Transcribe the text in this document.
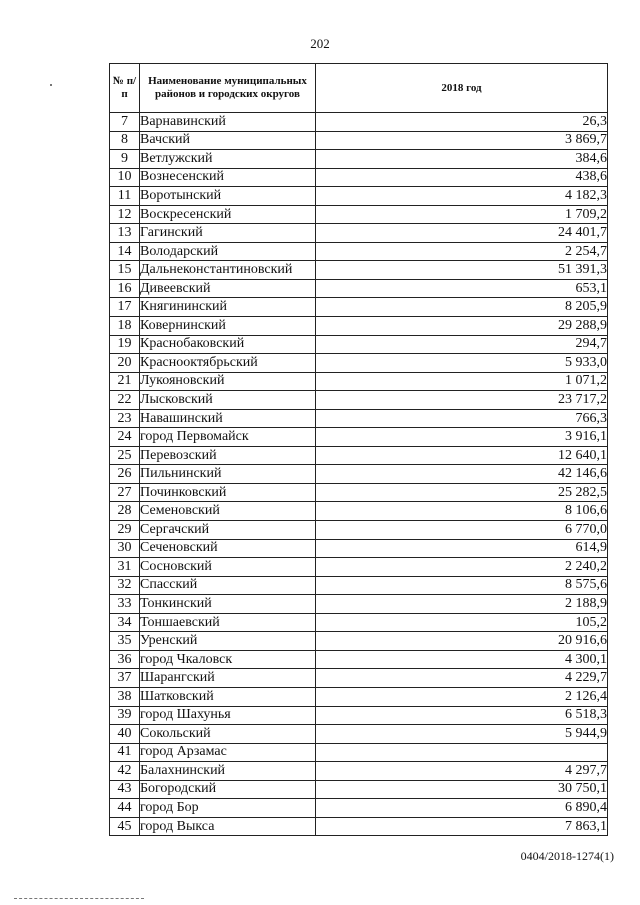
202
№ п/п	Наименование муниципальных районов и городских округов	2018 год
7	Варнавинский	26,3
8	Вачский	3 869,7
9	Ветлужский	384,6
10	Вознесенский	438,6
11	Воротынский	4 182,3
12	Воскресенский	1 709,2
13	Гагинский	24 401,7
14	Володарский	2 254,7
15	Дальнеконстантиновский	51 391,3
16	Дивеевский	653,1
17	Княгининский	8 205,9
18	Ковернинский	29 288,9
19	Краснобаковский	294,7
20	Краснооктябрьский	5 933,0
21	Лукояновский	1 071,2
22	Лысковский	23 717,2
23	Навашинский	766,3
24	город Первомайск	3 916,1
25	Перевозский	12 640,1
26	Пильнинский	42 146,6
27	Починковский	25 282,5
28	Семеновский	8 106,6
29	Сергачский	6 770,0
30	Сеченовский	614,9
31	Сосновский	2 240,2
32	Спасский	8 575,6
33	Тонкинский	2 188,9
34	Тоншаевский	105,2
35	Уренский	20 916,6
36	город Чкаловск	4 300,1
37	Шарангский	4 229,7
38	Шатковский	2 126,4
39	город Шахунья	6 518,3
40	Сокольский	5 944,9
41	город Арзамас	
42	Балахнинский	4 297,7
43	Богородский	30 750,1
44	город Бор	6 890,4
45	город Выкса	7 863,1
0404/2018-1274(1)
